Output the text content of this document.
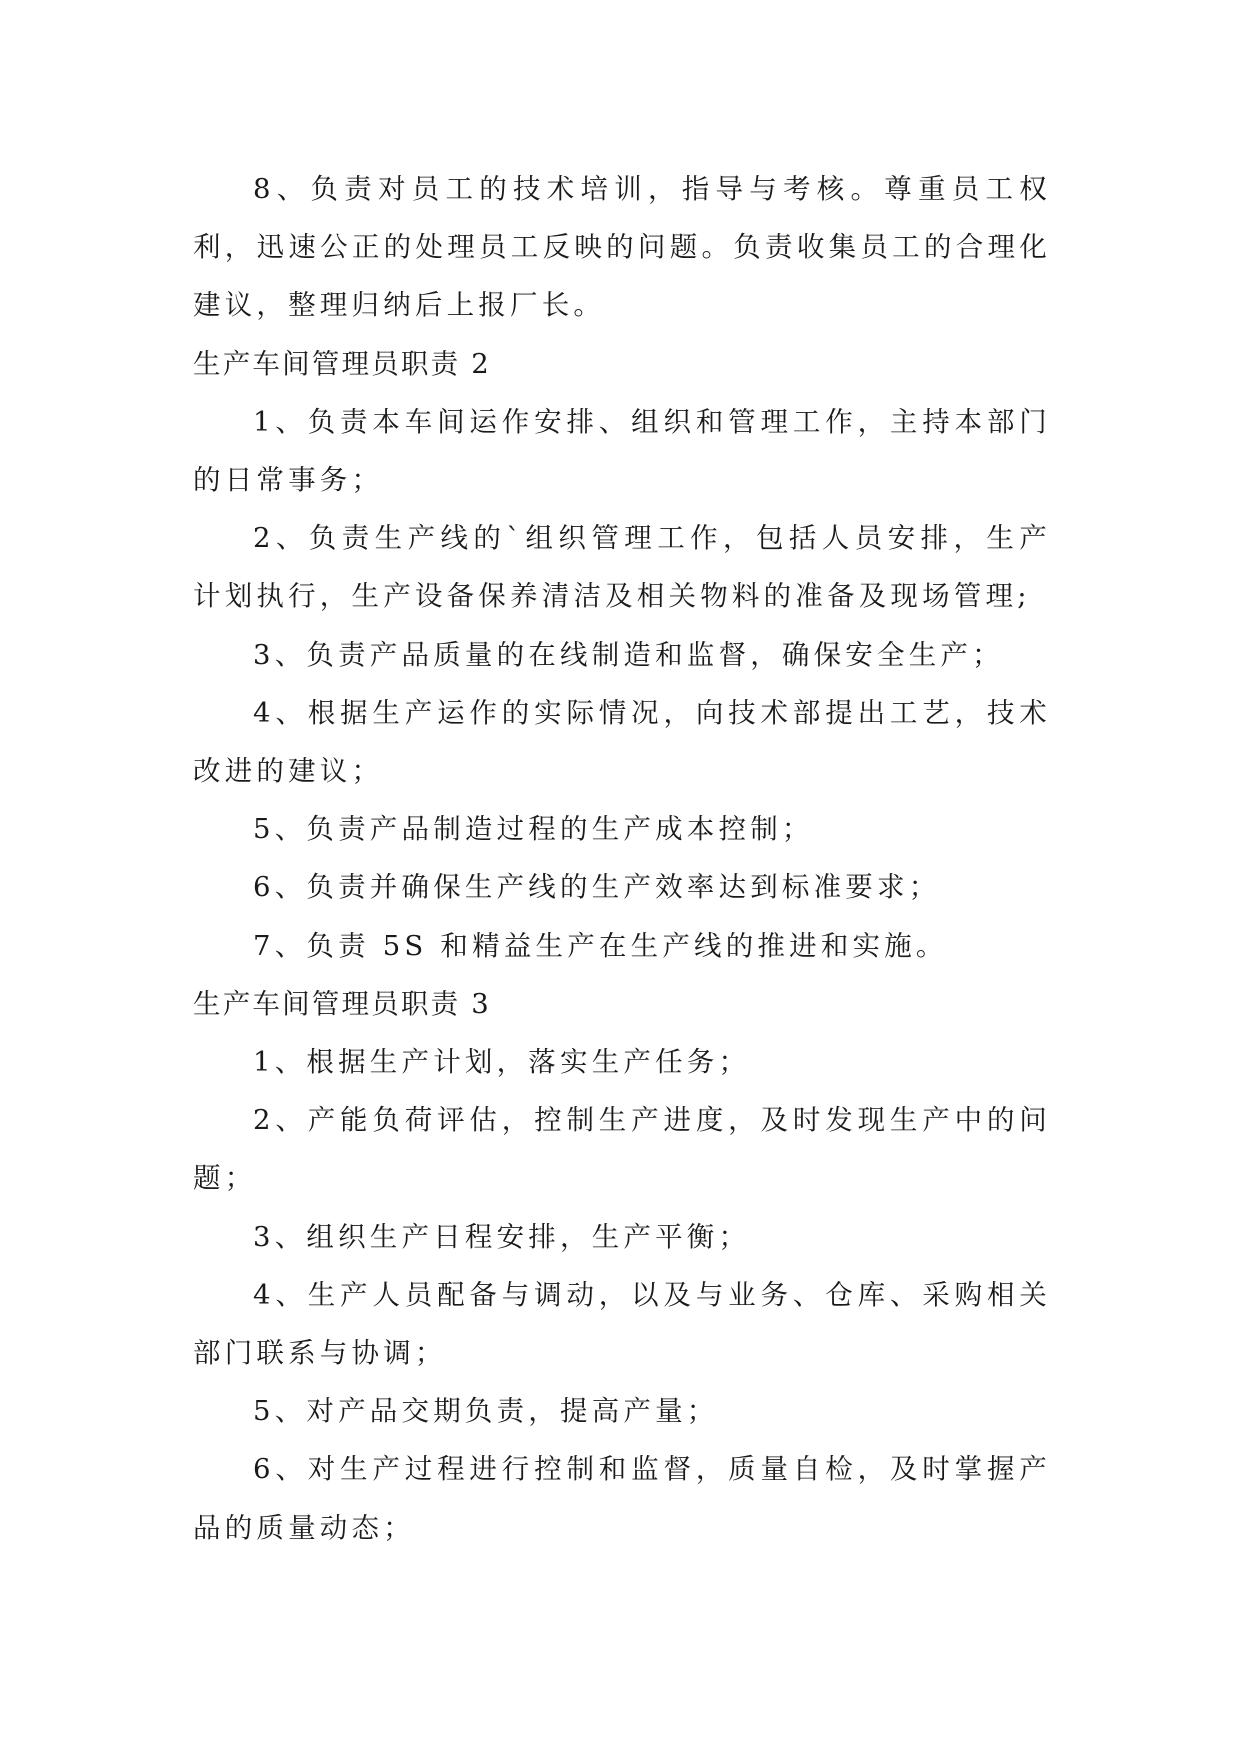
8、负责对员工的技术培训，指导与考核。尊重员工权利，迅速公正的处理员工反映的问题。负责收集员工的合理化建议，整理归纳后上报厂长。

生产车间管理员职责 2

1、负责本车间运作安排、组织和管理工作，主持本部门的日常事务；

2、负责生产线的`组织管理工作，包括人员安排，生产计划执行，生产设备保养清洁及相关物料的准备及现场管理;

3、负责产品质量的在线制造和监督，确保安全生产；

4、根据生产运作的实际情况，向技术部提出工艺，技术改进的建议；

5、负责产品制造过程的生产成本控制；

6、负责并确保生产线的生产效率达到标准要求；

7、负责 5S 和精益生产在生产线的推进和实施。

生产车间管理员职责 3

1、根据生产计划，落实生产任务；

2、产能负荷评估，控制生产进度，及时发现生产中的问题；

3、组织生产日程安排，生产平衡；

4、生产人员配备与调动，以及与业务、仓库、采购相关部门联系与协调；

5、对产品交期负责，提高产量；

6、对生产过程进行控制和监督，质量自检，及时掌握产品的质量动态；
